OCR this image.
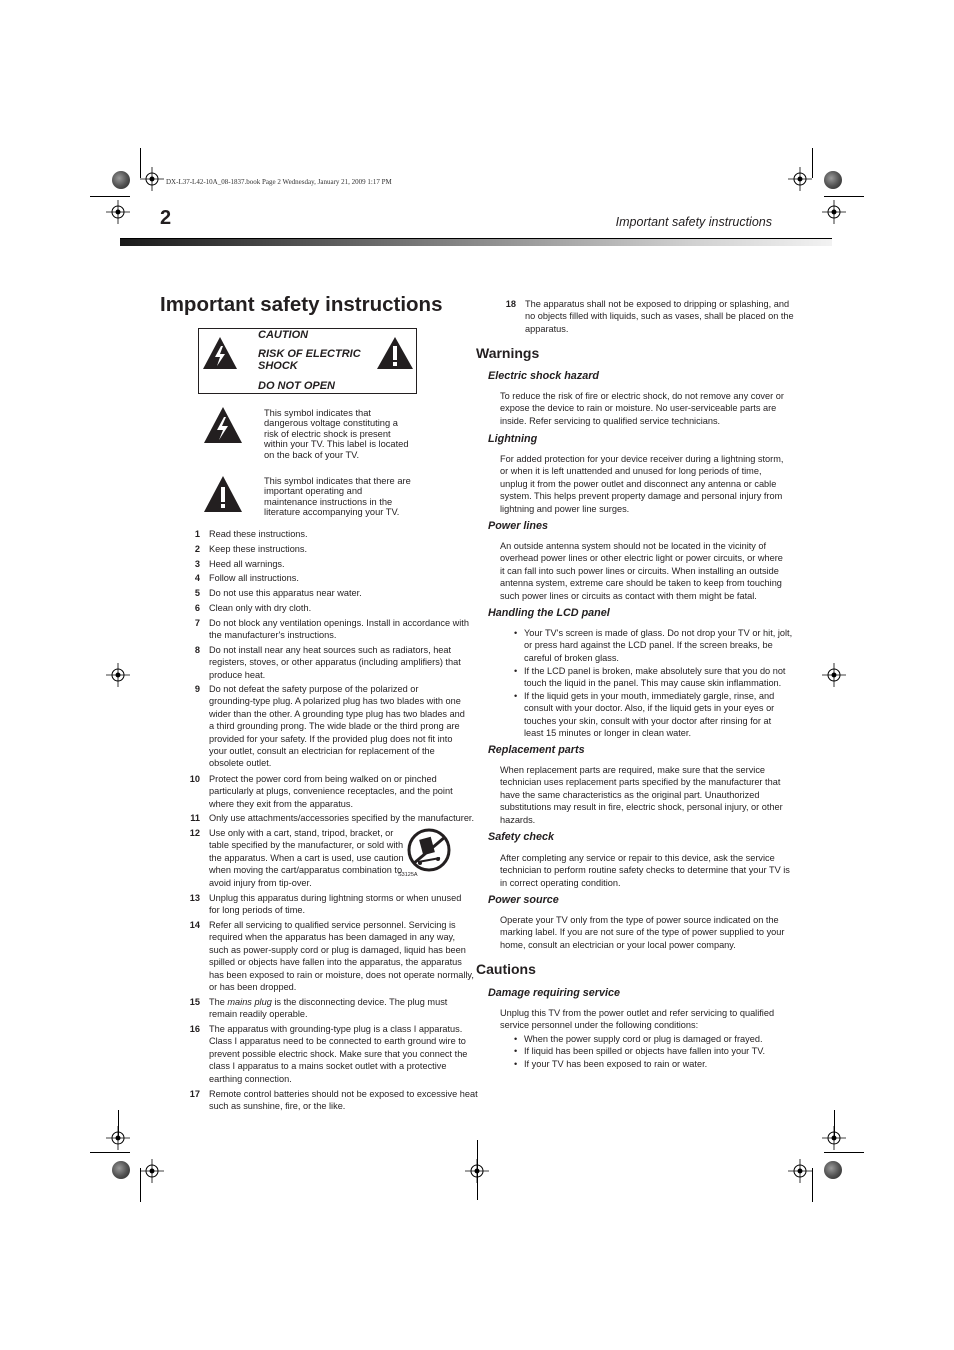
DX-L37-L42-10A_08-1837.book Page 2 Wednesday, January 21, 2009 1:17 PM
2	Important safety instructions
Important safety instructions
CAUTION
RISK OF ELECTRIC
SHOCK
DO NOT OPEN
This symbol indicates that
dangerous voltage constituting a
risk of electric shock is present
within your TV. This label is located
on the back of your TV.
This symbol indicates that there are
important operating and
maintenance instructions in the
literature accompanying your TV.
1 Read these instructions.
2 Keep these instructions.
3 Heed all warnings.
4 Follow all instructions.
5 Do not use this apparatus near water.
6 Clean only with dry cloth.
7 Do not block any ventilation openings. Install in accordance with
the manufacturer's instructions.
8 Do not install near any heat sources such as radiators, heat
registers, stoves, or other apparatus (including amplifiers) that
produce heat.
9 Do not defeat the safety purpose of the polarized or
grounding-type plug. A polarized plug has two blades with one
wider than the other. A grounding type plug has two blades and
a third grounding prong. The wide blade or the third prong are
provided for your safety. If the provided plug does not fit into
your outlet, consult an electrician for replacement of the
obsolete outlet.
10 Protect the power cord from being walked on or pinched
particularly at plugs, convenience receptacles, and the point
where they exit from the apparatus.
11 Only use attachments/accessories specified by the manufacturer.
12 Use only with a cart, stand, tripod, bracket, or
table specified by the manufacturer, or sold with
the apparatus. When a cart is used, use caution
when moving the cart/apparatus combination to
avoid injury from tip-over.
13 Unplug this apparatus during lightning storms or when unused
for long periods of time.
14 Refer all servicing to qualified service personnel. Servicing is
required when the apparatus has been damaged in any way,
such as power-supply cord or plug is damaged, liquid has been
spilled or objects have fallen into the apparatus, the apparatus
has been exposed to rain or moisture, does not operate normally,
or has been dropped.
15 The mains plug is the disconnecting device. The plug must
remain readily operable.
16 The apparatus with grounding-type plug is a class I apparatus.
Class I apparatus need to be connected to earth ground wire to
prevent possible electric shock. Make sure that you connect the
class I apparatus to a mains socket outlet with a protective
earthing connection.
17 Remote control batteries should not be exposed to excessive heat
such as sunshine, fire, or the like.
S3125A
18 The apparatus shall not be exposed to dripping or splashing, and
no objects filled with liquids, such as vases, shall be placed on the
apparatus.
Warnings
Electric shock hazard
To reduce the risk of fire or electric shock, do not remove any cover or
expose the device to rain or moisture. No user-serviceable parts are
inside. Refer servicing to qualified service technicians.
Lightning
For added protection for your device receiver during a lightning storm,
or when it is left unattended and unused for long periods of time,
unplug it from the power outlet and disconnect any antenna or cable
system. This helps prevent property damage and personal injury from
lightning and power line surges.
Power lines
An outside antenna system should not be located in the vicinity of
overhead power lines or other electric light or power circuits, or where
it can fall into such power lines or circuits. When installing an outside
antenna system, extreme care should be taken to keep from touching
such power lines or circuits as contact with them might be fatal.
Handling the LCD panel
• Your TV's screen is made of glass. Do not drop your TV or hit, jolt,
or press hard against the LCD panel. If the screen breaks, be
careful of broken glass.
• If the LCD panel is broken, make absolutely sure that you do not
touch the liquid in the panel. This may cause skin inflammation.
• If the liquid gets in your mouth, immediately gargle, rinse, and
consult with your doctor. Also, if the liquid gets in your eyes or
touches your skin, consult with your doctor after rinsing for at
least 15 minutes or longer in clean water.
Replacement parts
When replacement parts are required, make sure that the service
technician uses replacement parts specified by the manufacturer that
have the same characteristics as the original part. Unauthorized
substitutions may result in fire, electric shock, personal injury, or other
hazards.
Safety check
After completing any service or repair to this device, ask the service
technician to perform routine safety checks to determine that your TV is
in correct operating condition.
Power source
Operate your TV only from the type of power source indicated on the
marking label. If you are not sure of the type of power supplied to your
home, consult an electrician or your local power company.
Cautions
Damage requiring service
Unplug this TV from the power outlet and refer servicing to qualified
service personnel under the following conditions:
• When the power supply cord or plug is damaged or frayed.
• If liquid has been spilled or objects have fallen into your TV.
• If your TV has been exposed to rain or water.
